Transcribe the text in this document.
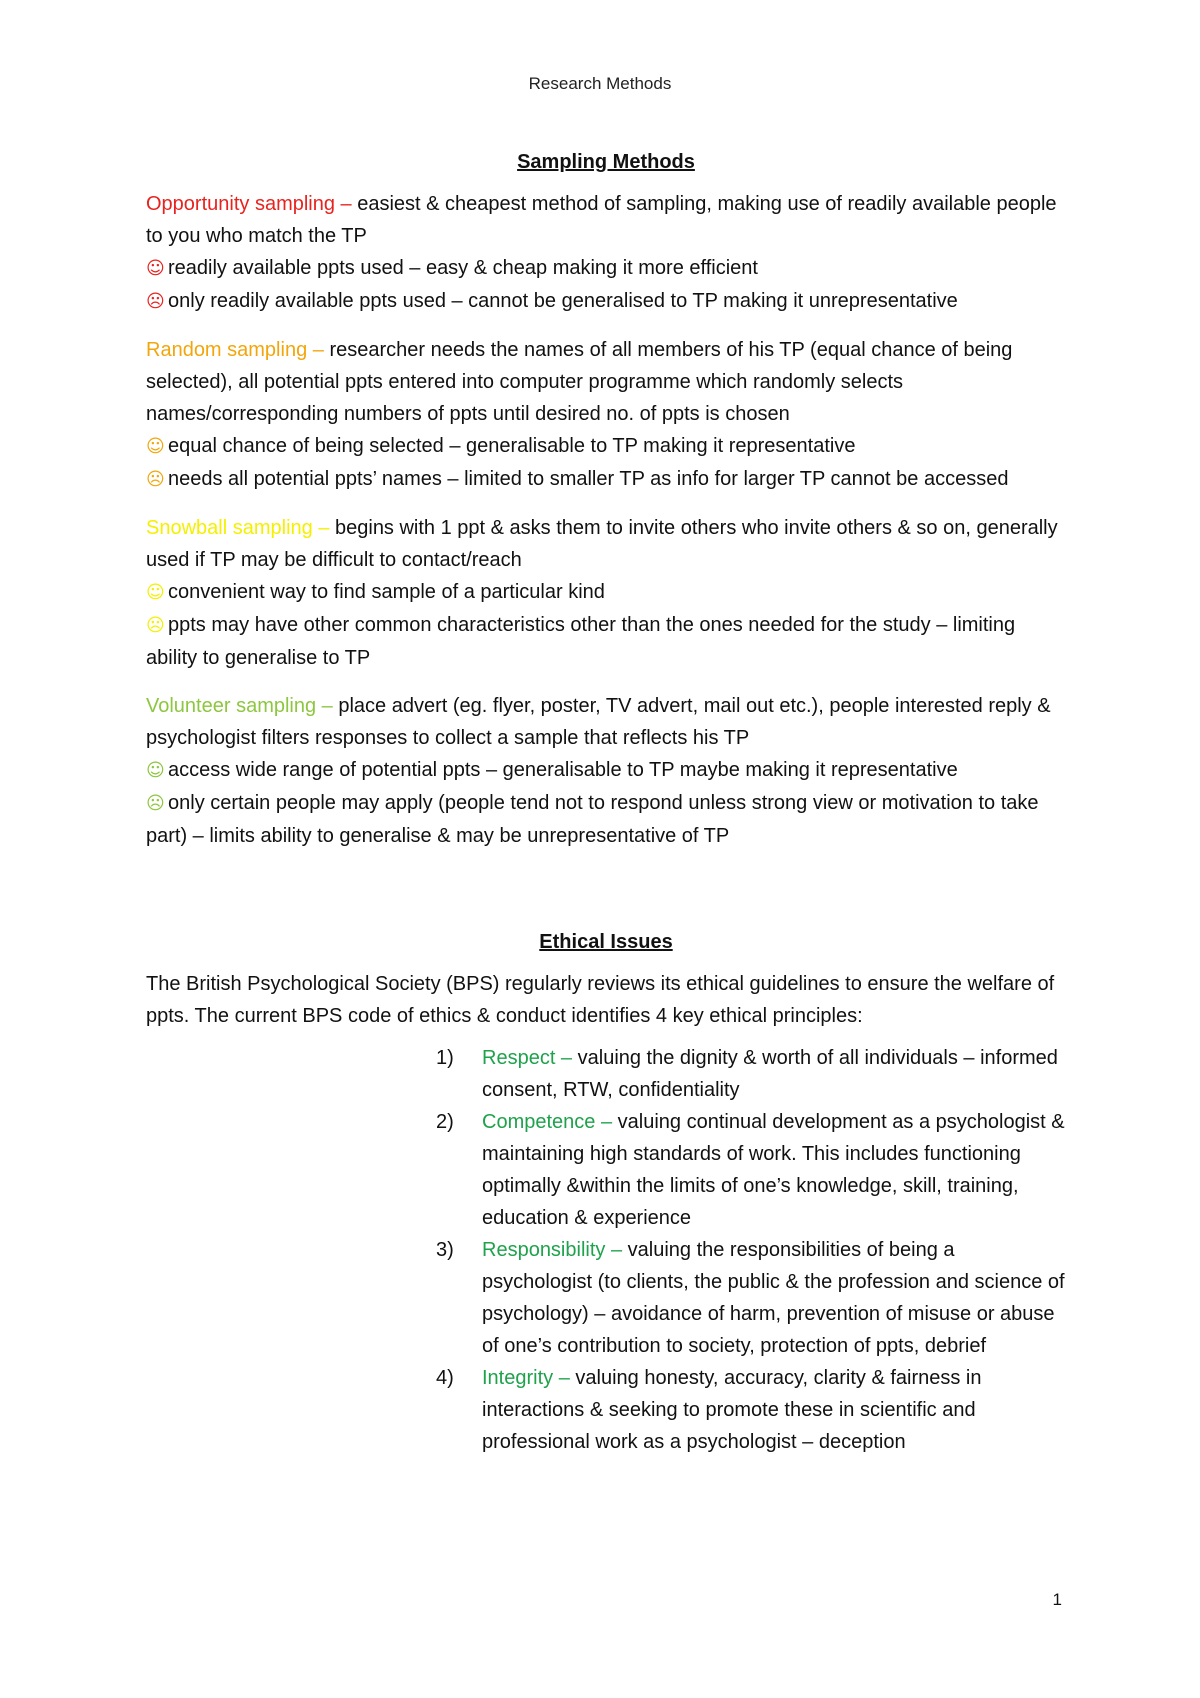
Research Methods
Sampling Methods

Opportunity sampling – easiest & cheapest method of sampling, making use of readily available people to you who match the TP

☺ readily available ppts used – easy & cheap making it more efficient

☹ only readily available ppts used – cannot be generalised to TP making it unrepresentative

Random sampling – researcher needs the names of all members of his TP (equal chance of being selected), all potential ppts entered into computer programme which randomly selects names/corresponding numbers of ppts until desired no. of ppts is chosen

☺ equal chance of being selected – generalisable to TP making it representative

☹ needs all potential ppts’ names – limited to smaller TP as info for larger TP cannot be accessed

Snowball sampling – begins with 1 ppt & asks them to invite others who invite others & so on, generally used if TP may be difficult to contact/reach

☺ convenient way to find sample of a particular kind

☹ ppts may have other common characteristics other than the ones needed for the study – limiting ability to generalise to TP

Volunteer sampling – place advert (eg. flyer, poster, TV advert, mail out etc.), people interested reply & psychologist filters responses to collect a sample that reflects his TP

☺ access wide range of potential ppts – generalisable to TP maybe making it representative

☹ only certain people may apply (people tend not to respond unless strong view or motivation to take part) – limits ability to generalise & may be unrepresentative of TP

Ethical Issues

The British Psychological Society (BPS) regularly reviews its ethical guidelines to ensure the welfare of ppts. The current BPS code of ethics & conduct identifies 4 key ethical principles:

1) Respect – valuing the dignity & worth of all individuals – informed consent, RTW, confidentiality
2) Competence – valuing continual development as a psychologist & maintaining high standards of work. This includes functioning optimally &within the limits of one’s knowledge, skill, training, education & experience
3) Responsibility – valuing the responsibilities of being a psychologist (to clients, the public & the profession and science of psychology) – avoidance of harm, prevention of misuse or abuse of one’s contribution to society, protection of ppts, debrief
4) Integrity – valuing honesty, accuracy, clarity & fairness in interactions & seeking to promote these in scientific and professional work as a psychologist – deception
1
